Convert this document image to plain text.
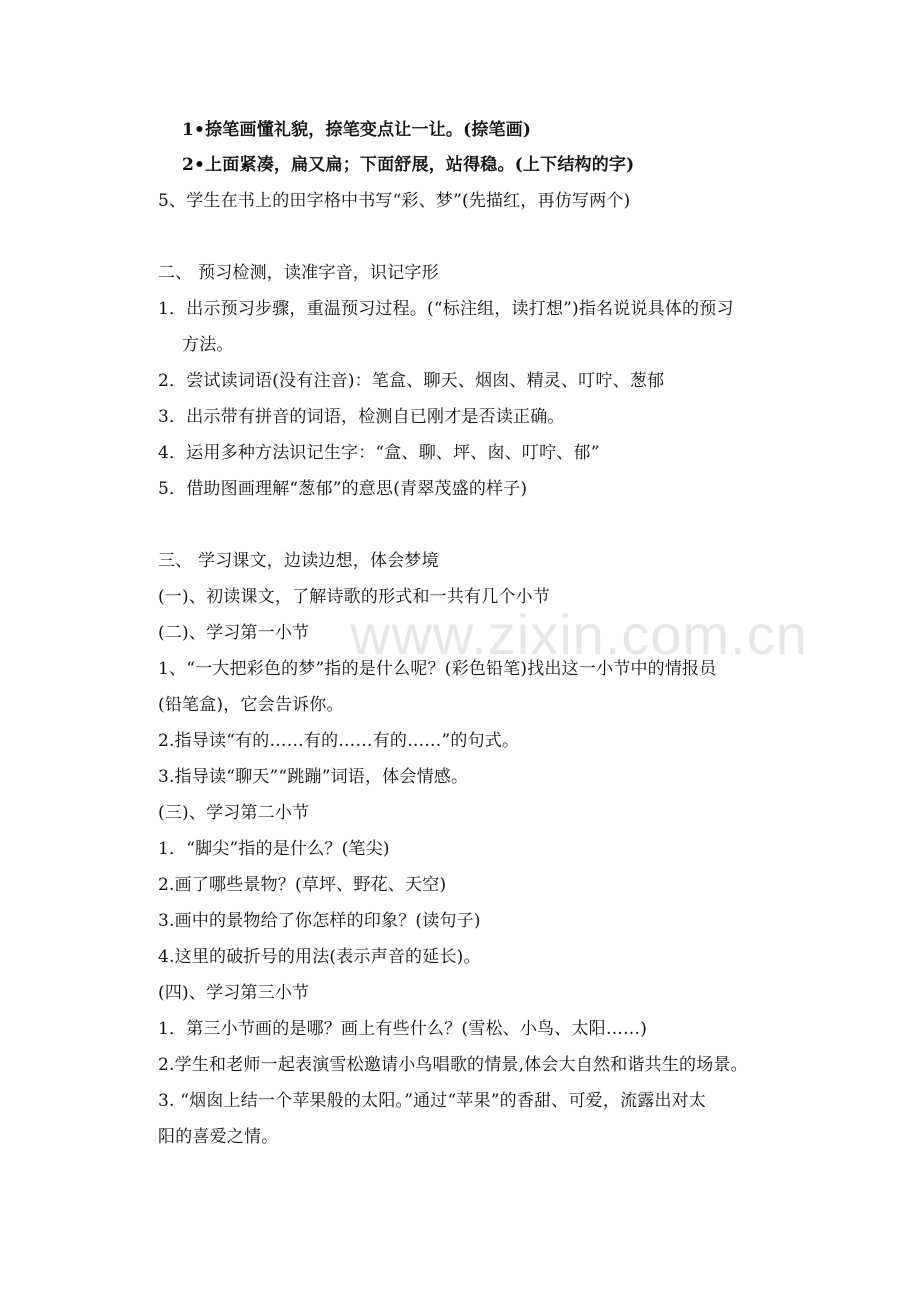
1•捺笔画懂礼貌，捺笔变点让一让。(捺笔画)
2•上面紧凑，扁又扁；下面舒展，站得稳。(上下结构的字)
5、学生在书上的田字格中书写“彩、梦”(先描红，再仿写两个)
二、 预习检测，读准字音，识记字形
1．出示预习步骤，重温预习过程。(“标注组，读打想”)指名说说具体的预习
方法。
2．尝试读词语(没有注音)：笔盒、聊天、烟囱、精灵、叮咛、葱郁
3．出示带有拼音的词语，检测自已刚才是否读正确。
4．运用多种方法识记生字：“盒、聊、坪、囱、叮咛、郁”
5．借助图画理解“葱郁”的意思(青翠茂盛的样子)
三、 学习课文，边读边想，体会梦境
(一)、初读课文，了解诗歌的形式和一共有几个小节
(二)、学习第一小节
1、“一大把彩色的梦”指的是什么呢？(彩色铅笔)找出这一小节中的情报员
(铅笔盒)，它会告诉你。
2.指导读“有的……有的……有的……”的句式。
3.指导读“聊天”“跳蹦”词语，体会情感。
(三)、学习第二小节
1．“脚尖”指的是什么？(笔尖)
2.画了哪些景物？(草坪、野花、天空)
3.画中的景物给了你怎样的印象？(读句子)
4.这里的破折号的用法(表示声音的延长)。
(四)、学习第三小节
1．第三小节画的是哪？画上有些什么？(雪松、小鸟、太阳……)
2.学生和老师一起表演雪松邀请小鸟唱歌的情景,体会大自然和谐共生的场景。
3. “烟囱上结一个苹果般的太阳。”通过“苹果”的香甜、可爱，流露出对太
阳的喜爱之情。
www.zixin.com.cn
